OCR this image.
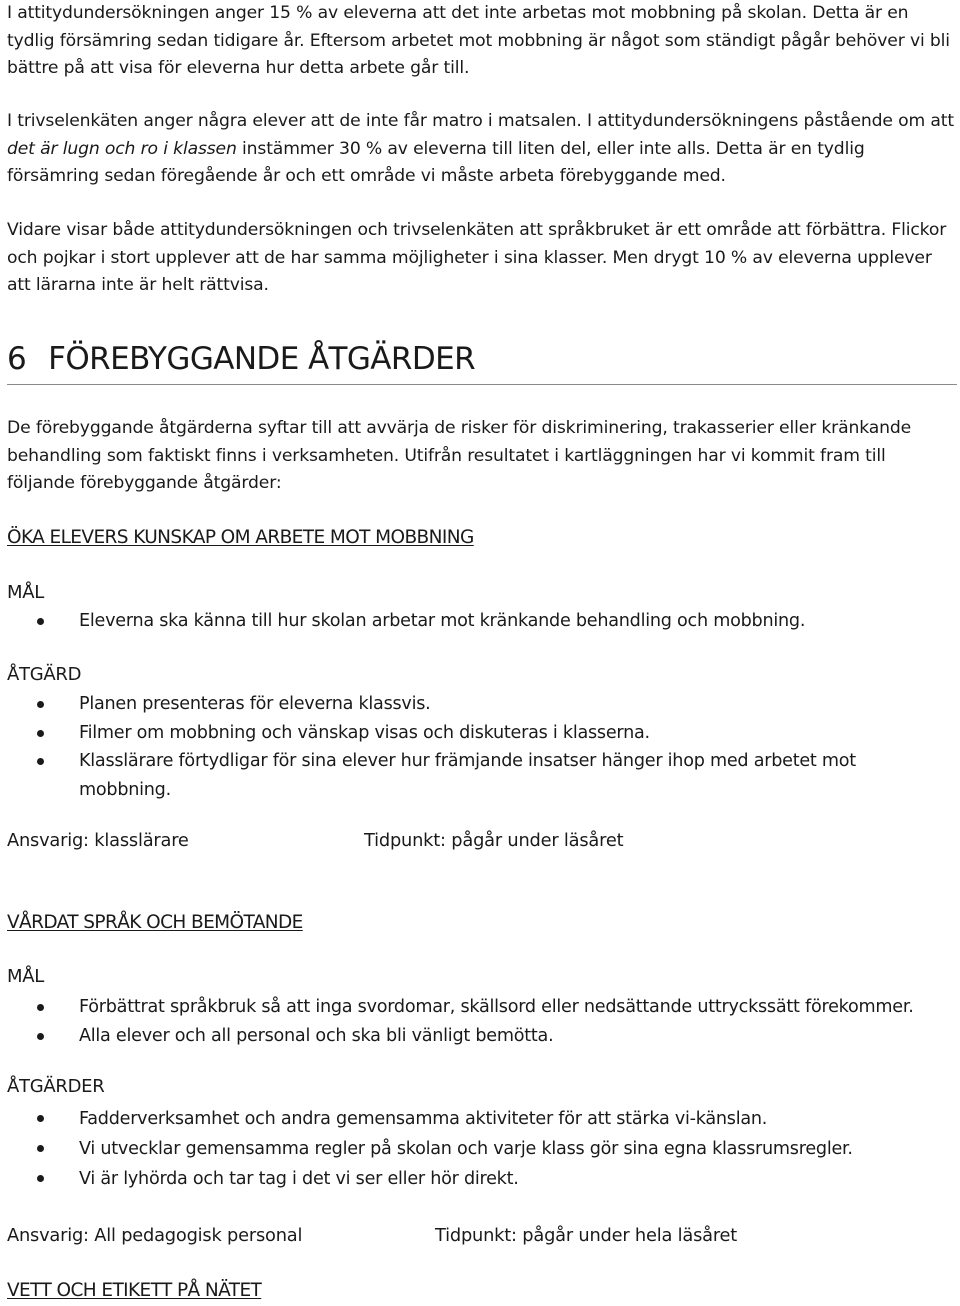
I attitydundersökningen anger 15 % av eleverna att det inte arbetas mot mobbning på skolan. Detta är en tydlig försämring sedan tidigare år. Eftersom arbetet mot mobbning är något som ständigt pågår behöver vi bli bättre på att visa för eleverna hur detta arbete går till.

I trivselenkäten anger några elever att de inte får matro i matsalen. I attitydundersökningens påstående om att det är lugn och ro i klassen instämmer 30 % av eleverna till liten del, eller inte alls. Detta är en tydlig försämring sedan föregående år och ett område vi måste arbeta förebyggande med.

Vidare visar både attitydundersökningen och trivselenkäten att språkbruket är ett område att förbättra. Flickor och pojkar i stort upplever att de har samma möjligheter i sina klasser. Men drygt 10 % av eleverna upplever att lärarna inte är helt rättvisa.

6 FÖREBYGGANDE ÅTGÄRDER

De förebyggande åtgärderna syftar till att avvärja de risker för diskriminering, trakasserier eller kränkande behandling som faktiskt finns i verksamheten. Utifrån resultatet i kartläggningen har vi kommit fram till följande förebyggande åtgärder:

ÖKA ELEVERS KUNSKAP OM ARBETE MOT MOBBNING

MÅL

Eleverna ska känna till hur skolan arbetar mot kränkande behandling och mobbning.

ÅTGÄRD

Planen presenteras för eleverna klassvis.
Filmer om mobbning och vänskap visas och diskuteras i klasserna.
Klasslärare förtydligar för sina elever hur främjande insatser hänger ihop med arbetet mot mobbning.
Ansvarig: klasslärare	Tidpunkt: pågår under läsåret

VÅRDAT SPRÅK OCH BEMÖTANDE

MÅL

Förbättrat språkbruk så att inga svordomar, skällsord eller nedsättande uttryckssätt förekommer.
Alla elever och all personal och ska bli vänligt bemötta.

ÅTGÄRDER

Fadderverksamhet och andra gemensamma aktiviteter för att stärka vi-känslan.
Vi utvecklar gemensamma regler på skolan och varje klass gör sina egna klassrumsregler.
Vi är lyhörda och tar tag i det vi ser eller hör direkt.
Ansvarig: All pedagogisk personal	Tidpunkt: pågår under hela läsåret

VETT OCH ETIKETT PÅ NÄTET
